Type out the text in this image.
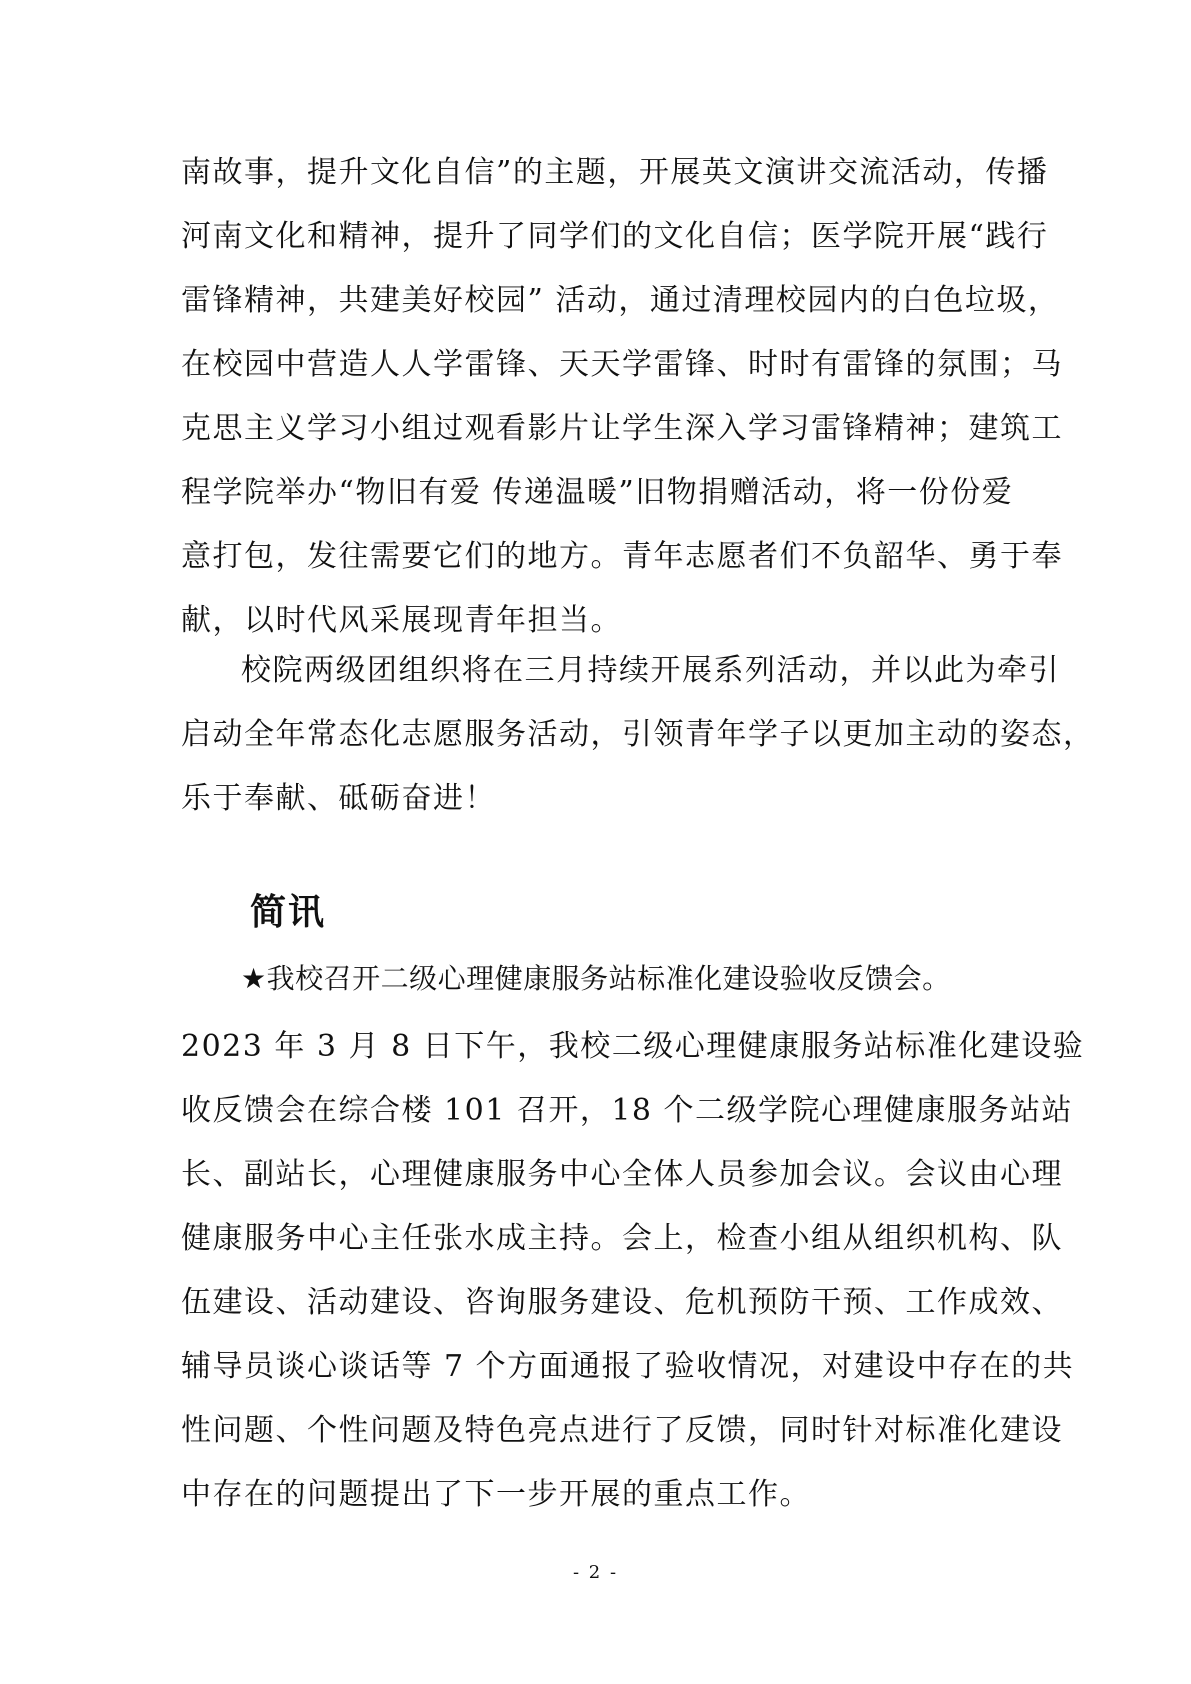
南故事，提升文化自信”的主题，开展英文演讲交流活动，传播
河南文化和精神，提升了同学们的文化自信；医学院开展“践行
雷锋精神，共建美好校园” 活动，通过清理校园内的白色垃圾，
在校园中营造人人学雷锋、天天学雷锋、时时有雷锋的氛围；马
克思主义学习小组过观看影片让学生深入学习雷锋精神；建筑工
程学院举办“物旧有爱 传递温暖”旧物捐赠活动，将一份份爱
意打包，发往需要它们的地方。青年志愿者们不负韶华、勇于奉
献，以时代风采展现青年担当。
校院两级团组织将在三月持续开展系列活动，并以此为牵引
启动全年常态化志愿服务活动，引领青年学子以更加主动的姿态，
乐于奉献、砥砺奋进！
简讯
★我校召开二级心理健康服务站标准化建设验收反馈会。
2023 年 3 月 8 日下午，我校二级心理健康服务站标准化建设验
收反馈会在综合楼 101 召开，18 个二级学院心理健康服务站站
长、副站长，心理健康服务中心全体人员参加会议。会议由心理
健康服务中心主任张水成主持。会上，检查小组从组织机构、队
伍建设、活动建设、咨询服务建设、危机预防干预、工作成效、
辅导员谈心谈话等 7 个方面通报了验收情况，对建设中存在的共
性问题、个性问题及特色亮点进行了反馈，同时针对标准化建设
中存在的问题提出了下一步开展的重点工作。
- 2 -
